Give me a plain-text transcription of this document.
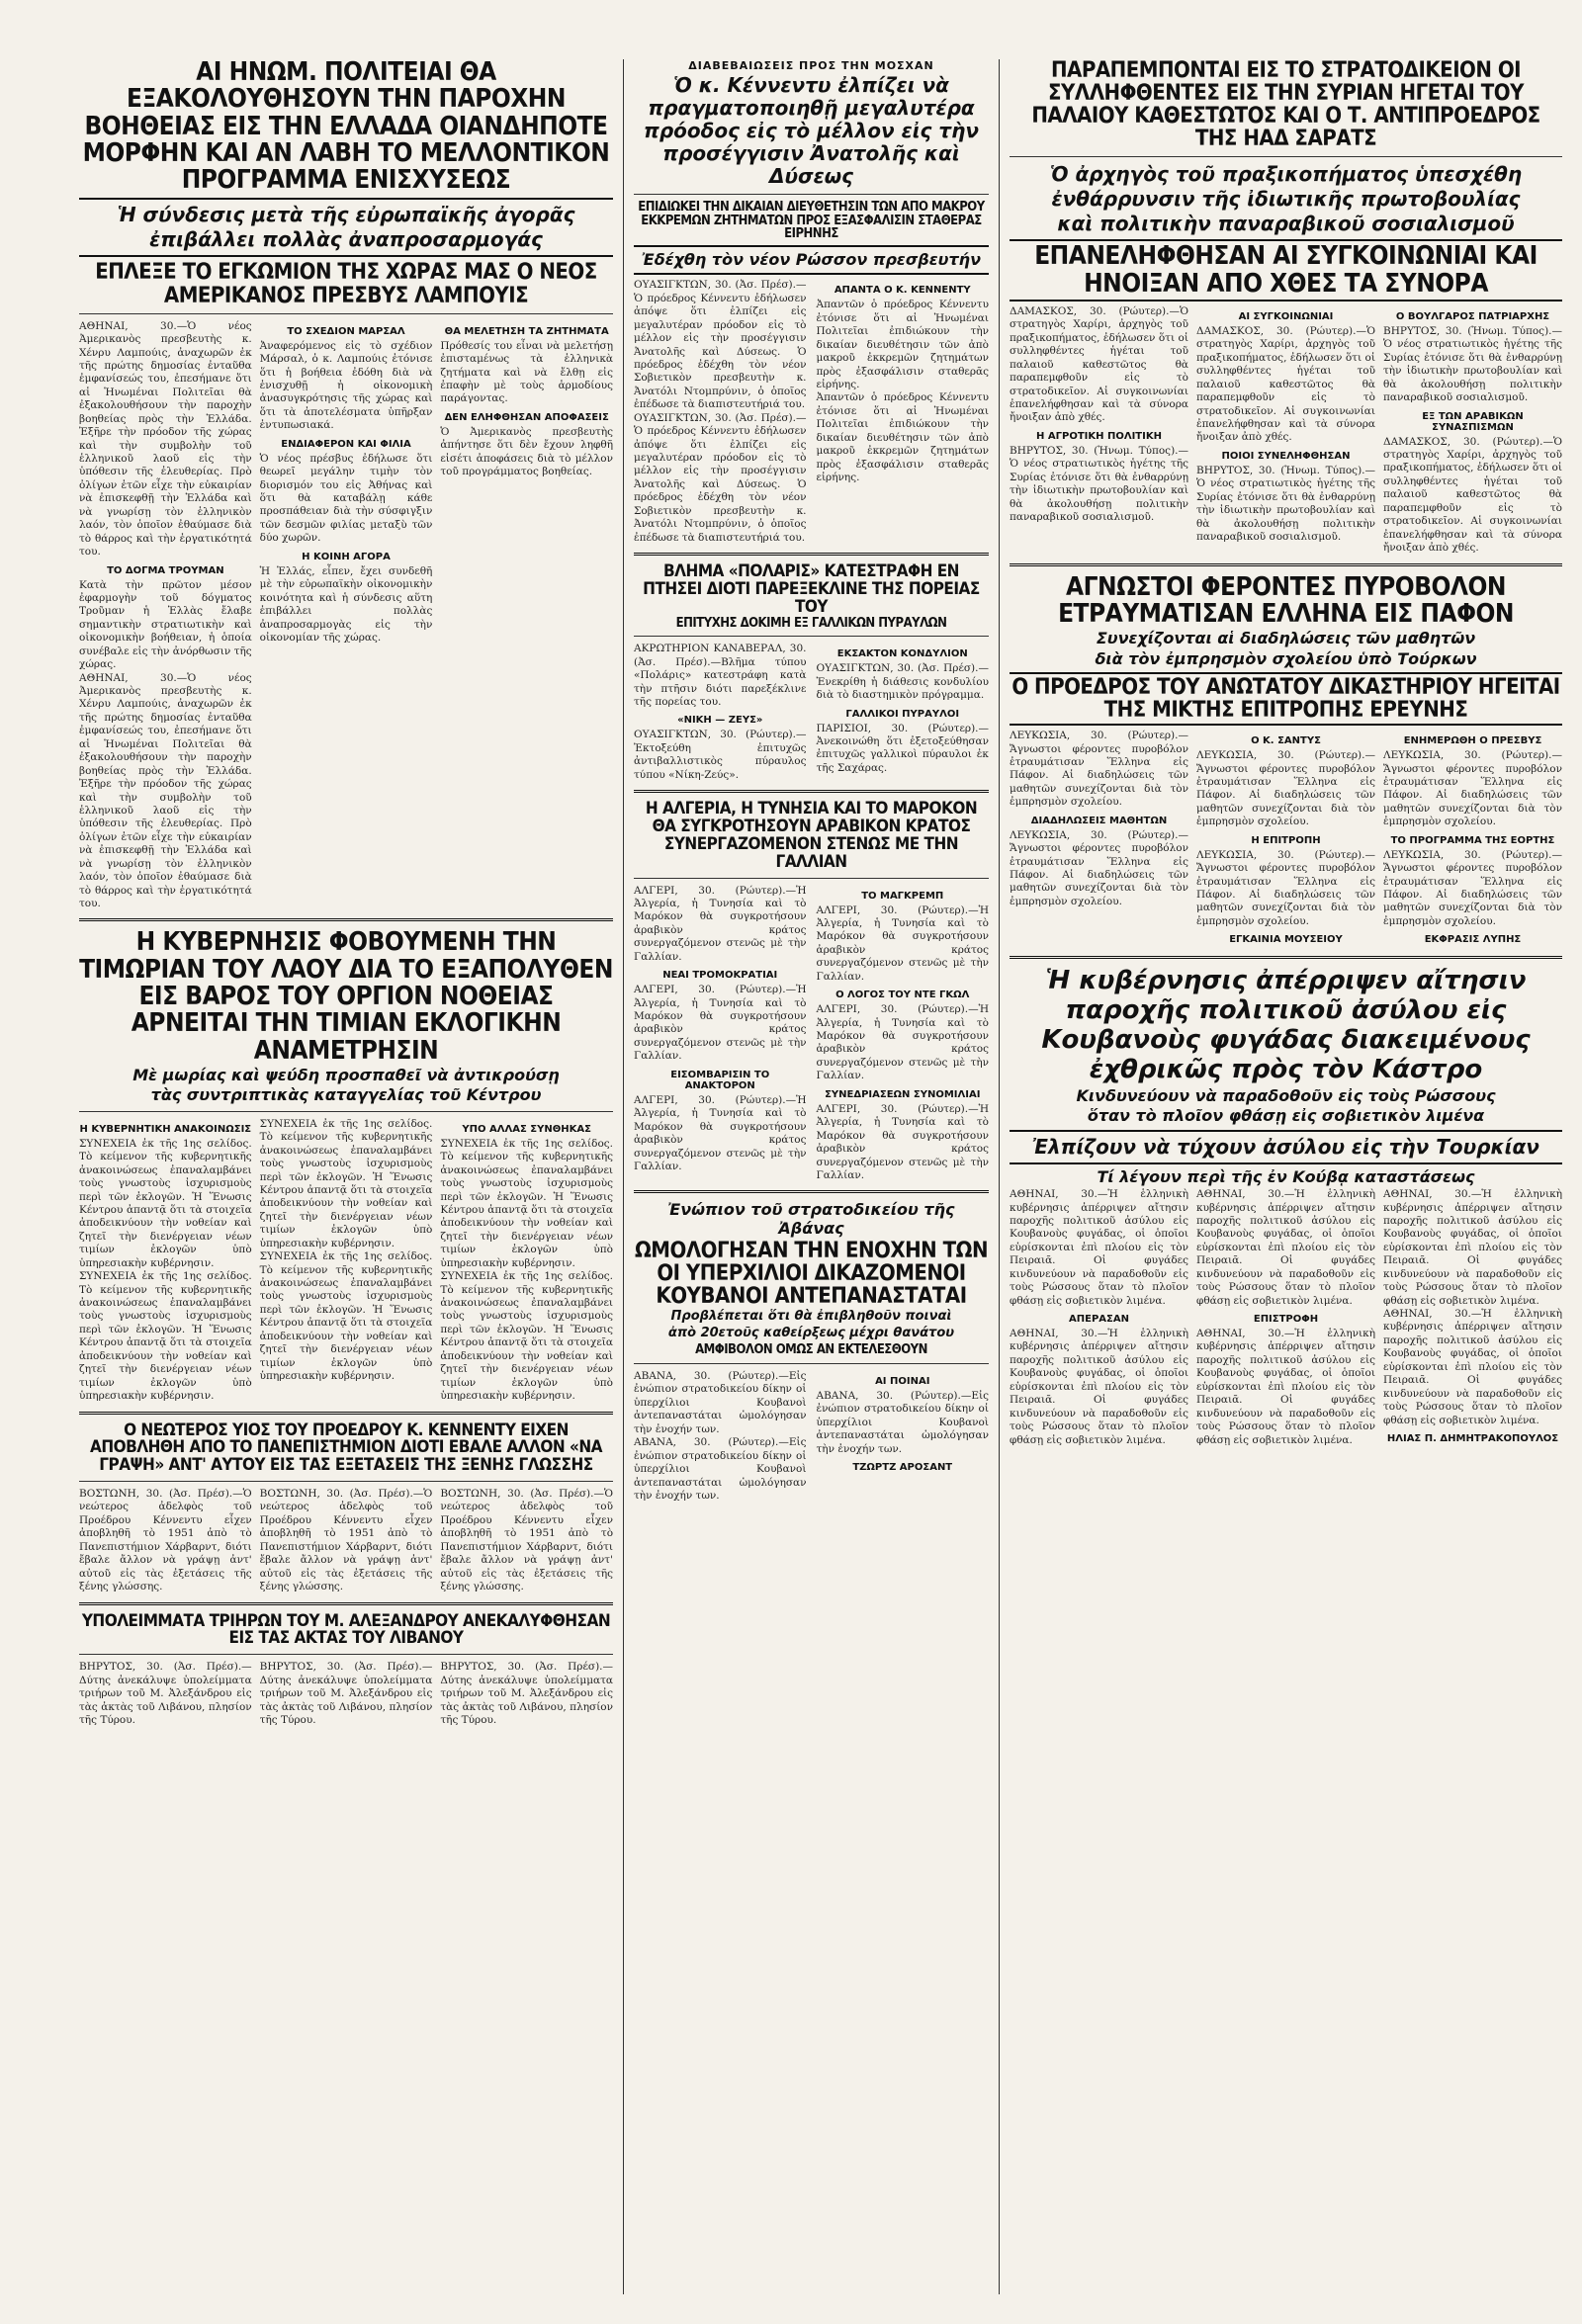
ΑΙ ΗΝΩΜ. ΠΟΛΙΤΕΙΑΙ ΘΑ ΕΞΑΚΟΛΟΥΘΗΣΟΥΝ ΤΗΝ ΠΑΡΟΧΗΝ ΒΟΗΘΕΙΑΣ ΕΙΣ ΤΗΝ ΕΛΛΑΔΑ ΟΙΑΝΔΗΠΟΤΕ ΜΟΡΦΗΝ ΚΑΙ ΑΝ ΛΑΒΗ ΤΟ ΜΕΛΛΟΝΤΙΚΟΝ ΠΡΟΓΡΑΜΜΑ ΕΝΙΣΧΥΣΕΩΣ
Ἡ σύνδεσις μετὰ τῆς εὐρωπαϊκῆς ἀγορᾶς
ἐπιβάλλει πολλὰς ἀναπροσαρμογάς
ΕΠΛΕΞΕ ΤΟ ΕΓΚΩΜΙΟΝ ΤΗΣ ΧΩΡΑΣ ΜΑΣ Ο ΝΕΟΣ ΑΜΕΡΙΚΑΝΟΣ ΠΡΕΣΒΥΣ ΛΑΜΠΟΥΙΣ

ΑΘΗΝΑΙ, 30.—Ὁ νέος Ἀμερικανὸς πρεσβευτὴς κ. Χένρυ Λαμπούις, ἀναχωρῶν ἐκ τῆς πρώτης δημοσίας ἐνταῦθα ἐμφανίσεώς του, ἐπεσήμανε ὅτι αἱ Ἡνωμέναι Πολιτεῖαι θὰ ἐξακολουθήσουν τὴν παροχὴν βοηθείας πρὸς τὴν Ἑλλάδα. Ἐξῆρε τὴν πρόοδον τῆς χώρας καὶ τὴν συμβολὴν τοῦ ἑλληνικοῦ λαοῦ εἰς τὴν ὑπόθεσιν τῆς ἐλευθερίας. Πρὸ ὀλίγων ἐτῶν εἶχε τὴν εὐκαιρίαν νὰ ἐπισκεφθῇ τὴν Ἑλλάδα καὶ νὰ γνωρίσῃ τὸν ἑλληνικὸν λαόν, τὸν ὁποῖον ἐθαύμασε διὰ τὸ θάρρος καὶ τὴν ἐργατικότητά του.

ΤΟ ΔΟΓΜΑ ΤΡΟΥΜΑΝ

Κατὰ τὴν πρῶτον μέσον ἐφαρμογὴν τοῦ δόγματος Τροῦμαν ἡ Ἑλλὰς ἔλαβε σημαντικὴν στρατιωτικὴν καὶ οἰκονομικὴν βοήθειαν, ἡ ὁποία συνέβαλε εἰς τὴν ἀνόρθωσιν τῆς χώρας.

ΑΘΗΝΑΙ, 30.—Ὁ νέος Ἀμερικανὸς πρεσβευτὴς κ. Χένρυ Λαμπούις, ἀναχωρῶν ἐκ τῆς πρώτης δημοσίας ἐνταῦθα ἐμφανίσεώς του, ἐπεσήμανε ὅτι αἱ Ἡνωμέναι Πολιτεῖαι θὰ ἐξακολουθήσουν τὴν παροχὴν βοηθείας πρὸς τὴν Ἑλλάδα. Ἐξῆρε τὴν πρόοδον τῆς χώρας καὶ τὴν συμβολὴν τοῦ ἑλληνικοῦ λαοῦ εἰς τὴν ὑπόθεσιν τῆς ἐλευθερίας. Πρὸ ὀλίγων ἐτῶν εἶχε τὴν εὐκαιρίαν νὰ ἐπισκεφθῇ τὴν Ἑλλάδα καὶ νὰ γνωρίσῃ τὸν ἑλληνικὸν λαόν, τὸν ὁποῖον ἐθαύμασε διὰ τὸ θάρρος καὶ τὴν ἐργατικότητά του.

ΤΟ ΣΧΕΔΙΟΝ ΜΑΡΣΑΛ

Ἀναφερόμενος εἰς τὸ σχέδιον Μάρσαλ, ὁ κ. Λαμπούις ἐτόνισε ὅτι ἡ βοήθεια ἐδόθη διὰ νὰ ἐνισχυθῇ ἡ οἰκονομικὴ ἀνασυγκρότησις τῆς χώρας καὶ ὅτι τὰ ἀποτελέσματα ὑπῆρξαν ἐντυπωσιακά.

ΕΝΔΙΑΦΕΡΟΝ ΚΑΙ ΦΙΛΙΑ

Ὁ νέος πρέσβυς ἐδήλωσε ὅτι θεωρεῖ μεγάλην τιμὴν τὸν διορισμόν του εἰς Ἀθήνας καὶ ὅτι θὰ καταβάλῃ κάθε προσπάθειαν διὰ τὴν σύσφιγξιν τῶν δεσμῶν φιλίας μεταξὺ τῶν δύο χωρῶν.

Η ΚΟΙΝΗ ΑΓΟΡΑ

Ἡ Ἑλλάς, εἶπεν, ἔχει συνδεθῆ μὲ τὴν εὐρωπαϊκὴν οἰκονομικὴν κοινότητα καὶ ἡ σύνδεσις αὕτη ἐπιβάλλει πολλὰς ἀναπροσαρμογὰς εἰς τὴν οἰκονομίαν τῆς χώρας.

ΘΑ ΜΕΛΕΤΗΣΗ ΤΑ ΖΗΤΗΜΑΤΑ

Πρόθεσίς του εἶναι νὰ μελετήσῃ ἐπισταμένως τὰ ἑλληνικὰ ζητήματα καὶ νὰ ἔλθῃ εἰς ἐπαφὴν μὲ τοὺς ἁρμοδίους παράγοντας.

ΔΕΝ ΕΛΗΦΘΗΣΑΝ ΑΠΟΦΑΣΕΙΣ

Ὁ Ἀμερικανὸς πρεσβευτὴς ἀπήντησε ὅτι δὲν ἔχουν ληφθῆ εἰσέτι ἀποφάσεις διὰ τὸ μέλλον τοῦ προγράμματος βοηθείας.

Η ΚΥΒΕΡΝΗΣΙΣ ΦΟΒΟΥΜΕΝΗ ΤΗΝ ΤΙΜΩΡΙΑΝ ΤΟΥ ΛΑΟΥ ΔΙΑ ΤΟ ΕΞΑΠΟΛΥΘΕΝ ΕΙΣ ΒΑΡΟΣ ΤΟΥ ΟΡΓΙΟΝ ΝΟΘΕΙΑΣ ΑΡΝΕΙΤΑΙ ΤΗΝ ΤΙΜΙΑΝ ΕΚΛΟΓΙΚΗΝ ΑΝΑΜΕΤΡΗΣΙΝ
Μὲ μωρίας καὶ ψεύδη προσπαθεῖ νὰ ἀντικρούσῃ
τὰς συντριπτικὰς καταγγελίας τοῦ Κέντρου
Η ΚΥΒΕΡΝΗΤΙΚΗ ΑΝΑΚΟΙΝΩΣΙΣ

ΣΥΝΕΧΕΙΑ ἐκ τῆς 1ης σελίδος. Τὸ κείμενον τῆς κυβερνητικῆς ἀνακοινώσεως ἐπαναλαμβάνει τοὺς γνωστοὺς ἰσχυρισμοὺς περὶ τῶν ἐκλογῶν. Ἡ Ἕνωσις Κέντρου ἀπαντᾷ ὅτι τὰ στοιχεῖα ἀποδεικνύουν τὴν νοθείαν καὶ ζητεῖ τὴν διενέργειαν νέων τιμίων ἐκλογῶν ὑπὸ ὑπηρεσιακὴν κυβέρνησιν.

ΣΥΝΕΧΕΙΑ ἐκ τῆς 1ης σελίδος. Τὸ κείμενον τῆς κυβερνητικῆς ἀνακοινώσεως ἐπαναλαμβάνει τοὺς γνωστοὺς ἰσχυρισμοὺς περὶ τῶν ἐκλογῶν. Ἡ Ἕνωσις Κέντρου ἀπαντᾷ ὅτι τὰ στοιχεῖα ἀποδεικνύουν τὴν νοθείαν καὶ ζητεῖ τὴν διενέργειαν νέων τιμίων ἐκλογῶν ὑπὸ ὑπηρεσιακὴν κυβέρνησιν.

ΣΥΝΕΧΕΙΑ ἐκ τῆς 1ης σελίδος. Τὸ κείμενον τῆς κυβερνητικῆς ἀνακοινώσεως ἐπαναλαμβάνει τοὺς γνωστοὺς ἰσχυρισμοὺς περὶ τῶν ἐκλογῶν. Ἡ Ἕνωσις Κέντρου ἀπαντᾷ ὅτι τὰ στοιχεῖα ἀποδεικνύουν τὴν νοθείαν καὶ ζητεῖ τὴν διενέργειαν νέων τιμίων ἐκλογῶν ὑπὸ ὑπηρεσιακὴν κυβέρνησιν.

ΣΥΝΕΧΕΙΑ ἐκ τῆς 1ης σελίδος. Τὸ κείμενον τῆς κυβερνητικῆς ἀνακοινώσεως ἐπαναλαμβάνει τοὺς γνωστοὺς ἰσχυρισμοὺς περὶ τῶν ἐκλογῶν. Ἡ Ἕνωσις Κέντρου ἀπαντᾷ ὅτι τὰ στοιχεῖα ἀποδεικνύουν τὴν νοθείαν καὶ ζητεῖ τὴν διενέργειαν νέων τιμίων ἐκλογῶν ὑπὸ ὑπηρεσιακὴν κυβέρνησιν.

ΥΠΟ ΑΛΛΑΣ ΣΥΝΘΗΚΑΣ

ΣΥΝΕΧΕΙΑ ἐκ τῆς 1ης σελίδος. Τὸ κείμενον τῆς κυβερνητικῆς ἀνακοινώσεως ἐπαναλαμβάνει τοὺς γνωστοὺς ἰσχυρισμοὺς περὶ τῶν ἐκλογῶν. Ἡ Ἕνωσις Κέντρου ἀπαντᾷ ὅτι τὰ στοιχεῖα ἀποδεικνύουν τὴν νοθείαν καὶ ζητεῖ τὴν διενέργειαν νέων τιμίων ἐκλογῶν ὑπὸ ὑπηρεσιακὴν κυβέρνησιν.

ΣΥΝΕΧΕΙΑ ἐκ τῆς 1ης σελίδος. Τὸ κείμενον τῆς κυβερνητικῆς ἀνακοινώσεως ἐπαναλαμβάνει τοὺς γνωστοὺς ἰσχυρισμοὺς περὶ τῶν ἐκλογῶν. Ἡ Ἕνωσις Κέντρου ἀπαντᾷ ὅτι τὰ στοιχεῖα ἀποδεικνύουν τὴν νοθείαν καὶ ζητεῖ τὴν διενέργειαν νέων τιμίων ἐκλογῶν ὑπὸ ὑπηρεσιακὴν κυβέρνησιν.

Ο ΝΕΩΤΕΡΟΣ ΥΙΟΣ ΤΟΥ ΠΡΟΕΔΡΟΥ Κ. ΚΕΝΝΕΝΤΥ ΕΙΧΕΝ ΑΠΟΒΛΗΘΗ ΑΠΟ ΤΟ ΠΑΝΕΠΙΣΤΗΜΙΟΝ ΔΙΟΤΙ ΕΒΑΛΕ ΑΛΛΟΝ «ΝΑ ΓΡΑΨΗ» ΑΝΤ' ΑΥΤΟΥ ΕΙΣ ΤΑΣ ΕΞΕΤΑΣΕΙΣ ΤΗΣ ΞΕΝΗΣ ΓΛΩΣΣΗΣ

ΒΟΣΤΩΝΗ, 30. (Ἀσ. Πρέσ).—Ὁ νεώτερος ἀδελφὸς τοῦ Προέδρου Κέννεντυ εἶχεν ἀποβληθῆ τὸ 1951 ἀπὸ τὸ Πανεπιστήμιον Χάρβαρντ, διότι ἔβαλε ἄλλον νὰ γράψῃ ἀντ' αὐτοῦ εἰς τὰς ἐξετάσεις τῆς ξένης γλώσσης.

ΒΟΣΤΩΝΗ, 30. (Ἀσ. Πρέσ).—Ὁ νεώτερος ἀδελφὸς τοῦ Προέδρου Κέννεντυ εἶχεν ἀποβληθῆ τὸ 1951 ἀπὸ τὸ Πανεπιστήμιον Χάρβαρντ, διότι ἔβαλε ἄλλον νὰ γράψῃ ἀντ' αὐτοῦ εἰς τὰς ἐξετάσεις τῆς ξένης γλώσσης.

ΒΟΣΤΩΝΗ, 30. (Ἀσ. Πρέσ).—Ὁ νεώτερος ἀδελφὸς τοῦ Προέδρου Κέννεντυ εἶχεν ἀποβληθῆ τὸ 1951 ἀπὸ τὸ Πανεπιστήμιον Χάρβαρντ, διότι ἔβαλε ἄλλον νὰ γράψῃ ἀντ' αὐτοῦ εἰς τὰς ἐξετάσεις τῆς ξένης γλώσσης.

ΥΠΟΛΕΙΜΜΑΤΑ ΤΡΙΗΡΩΝ ΤΟΥ Μ. ΑΛΕΞΑΝΔΡΟΥ ΑΝΕΚΑΛΥΦΘΗΣΑΝ ΕΙΣ ΤΑΣ ΑΚΤΑΣ ΤΟΥ ΛΙΒΑΝΟΥ

ΒΗΡΥΤΟΣ, 30. (Ἀσ. Πρέσ).—Δύτης ἀνεκάλυψε ὑπολείμματα τριήρων τοῦ Μ. Ἀλεξάνδρου εἰς τὰς ἀκτὰς τοῦ Λιβάνου, πλησίον τῆς Τύρου.

ΒΗΡΥΤΟΣ, 30. (Ἀσ. Πρέσ).—Δύτης ἀνεκάλυψε ὑπολείμματα τριήρων τοῦ Μ. Ἀλεξάνδρου εἰς τὰς ἀκτὰς τοῦ Λιβάνου, πλησίον τῆς Τύρου.

ΒΗΡΥΤΟΣ, 30. (Ἀσ. Πρέσ).—Δύτης ἀνεκάλυψε ὑπολείμματα τριήρων τοῦ Μ. Ἀλεξάνδρου εἰς τὰς ἀκτὰς τοῦ Λιβάνου, πλησίον τῆς Τύρου.

ΔΙΑΒΕΒΑΙΩΣΕΙΣ ΠΡΟΣ ΤΗΝ ΜΟΣΧΑΝ
Ὁ κ. Κέννεντυ ἐλπίζει νὰ πραγματοποιηθῇ μεγαλυτέρα πρόοδος εἰς τὸ μέλλον εἰς τὴν προσέγγισιν Ἀνατολῆς καὶ Δύσεως
ΕΠΙΔΙΩΚΕΙ ΤΗΝ ΔΙΚΑΙΑΝ ΔΙΕΥΘΕΤΗΣΙΝ ΤΩΝ ΑΠΟ ΜΑΚΡΟΥ ΕΚΚΡΕΜΩΝ ΖΗΤΗΜΑΤΩΝ ΠΡΟΣ ΕΞΑΣΦΑΛΙΣΙΝ ΣΤΑΘΕΡΑΣ ΕΙΡΗΝΗΣ
Ἐδέχθη τὸν νέον Ρώσσον πρεσβευτήν

ΟΥΑΣΙΓΚΤΩΝ, 30. (Ἀσ. Πρέσ).—Ὁ πρόεδρος Κέννεντυ ἐδήλωσεν ἀπόψε ὅτι ἐλπίζει εἰς μεγαλυτέραν πρόοδον εἰς τὸ μέλλον εἰς τὴν προσέγγισιν Ἀνατολῆς καὶ Δύσεως. Ὁ πρόεδρος ἐδέχθη τὸν νέον Σοβιετικὸν πρεσβευτὴν κ. Ἀνατόλι Ντομπρύνιν, ὁ ὁποῖος ἐπέδωσε τὰ διαπιστευτήριά του.

ΟΥΑΣΙΓΚΤΩΝ, 30. (Ἀσ. Πρέσ).—Ὁ πρόεδρος Κέννεντυ ἐδήλωσεν ἀπόψε ὅτι ἐλπίζει εἰς μεγαλυτέραν πρόοδον εἰς τὸ μέλλον εἰς τὴν προσέγγισιν Ἀνατολῆς καὶ Δύσεως. Ὁ πρόεδρος ἐδέχθη τὸν νέον Σοβιετικὸν πρεσβευτὴν κ. Ἀνατόλι Ντομπρύνιν, ὁ ὁποῖος ἐπέδωσε τὰ διαπιστευτήριά του.

ΑΠΑΝΤΑ Ο Κ. ΚΕΝΝΕΝΤΥ

Ἀπαντῶν ὁ πρόεδρος Κέννεντυ ἐτόνισε ὅτι αἱ Ἡνωμέναι Πολιτεῖαι ἐπιδιώκουν τὴν δικαίαν διευθέτησιν τῶν ἀπὸ μακροῦ ἐκκρεμῶν ζητημάτων πρὸς ἐξασφάλισιν σταθερᾶς εἰρήνης.

Ἀπαντῶν ὁ πρόεδρος Κέννεντυ ἐτόνισε ὅτι αἱ Ἡνωμέναι Πολιτεῖαι ἐπιδιώκουν τὴν δικαίαν διευθέτησιν τῶν ἀπὸ μακροῦ ἐκκρεμῶν ζητημάτων πρὸς ἐξασφάλισιν σταθερᾶς εἰρήνης.

ΒΛΗΜΑ «ΠΟΛΑΡΙΣ» ΚΑΤΕΣΤΡΑΦΗ ΕΝ ΠΤΗΣΕΙ ΔΙΟΤΙ ΠΑΡΕΞΕΚΛΙΝΕ ΤΗΣ ΠΟΡΕΙΑΣ ΤΟΥ
ΕΠΙΤΥΧΗΣ ΔΟΚΙΜΗ ΕΞ ΓΑΛΛΙΚΩΝ ΠΥΡΑΥΛΩΝ

ΑΚΡΩΤΗΡΙΟΝ ΚΑΝΑΒΕΡΑΛ, 30. (Ἀσ. Πρέσ).—Βλῆμα τύπου «Πολάρις» κατεστράφη κατὰ τὴν πτῆσιν διότι παρεξέκλινε τῆς πορείας του.

«ΝΙΚΗ — ΖΕΥΣ»

ΟΥΑΣΙΓΚΤΩΝ, 30. (Ρώυτερ).—Ἐκτοξεύθη ἐπιτυχῶς ἀντιβαλλιστικὸς πύραυλος τύπου «Νίκη-Ζεύς».

ΕΚΣΑΚΤΟΝ ΚΟΝΔΥΛΙΟΝ

ΟΥΑΣΙΓΚΤΩΝ, 30. (Ἀσ. Πρέσ).—Ἐνεκρίθη ἡ διάθεσις κονδυλίου διὰ τὸ διαστημικὸν πρόγραμμα.

ΓΑΛΛΙΚΟΙ ΠΥΡΑΥΛΟΙ

ΠΑΡΙΣΙΟΙ, 30. (Ρώυτερ).—Ἀνεκοινώθη ὅτι ἐξετοξεύθησαν ἐπιτυχῶς γαλλικοὶ πύραυλοι ἐκ τῆς Σαχάρας.

Η ΑΛΓΕΡΙΑ, Η ΤΥΝΗΣΙΑ ΚΑΙ ΤΟ ΜΑΡΟΚΟΝ ΘΑ ΣΥΓΚΡΟΤΗΣΟΥΝ ΑΡΑΒΙΚΟΝ ΚΡΑΤΟΣ ΣΥΝΕΡΓΑΖΟΜΕΝΟΝ ΣΤΕΝΩΣ ΜΕ ΤΗΝ ΓΑΛΛΙΑΝ

ΑΛΓΕΡΙ, 30. (Ρώυτερ).—Ἡ Ἀλγερία, ἡ Τυνησία καὶ τὸ Μαρόκον θὰ συγκροτήσουν ἀραβικὸν κράτος συνεργαζόμενον στενῶς μὲ τὴν Γαλλίαν.

ΝΕΑΙ ΤΡΟΜΟΚΡΑΤΙΑΙ

ΑΛΓΕΡΙ, 30. (Ρώυτερ).—Ἡ Ἀλγερία, ἡ Τυνησία καὶ τὸ Μαρόκον θὰ συγκροτήσουν ἀραβικὸν κράτος συνεργαζόμενον στενῶς μὲ τὴν Γαλλίαν.

ΕΙΣΟΜΒΑΡΙΣΙΝ ΤΟ ΑΝΑΚΤΟΡΟΝ

ΑΛΓΕΡΙ, 30. (Ρώυτερ).—Ἡ Ἀλγερία, ἡ Τυνησία καὶ τὸ Μαρόκον θὰ συγκροτήσουν ἀραβικὸν κράτος συνεργαζόμενον στενῶς μὲ τὴν Γαλλίαν.

ΤΟ ΜΑΓΚΡΕΜΠ

ΑΛΓΕΡΙ, 30. (Ρώυτερ).—Ἡ Ἀλγερία, ἡ Τυνησία καὶ τὸ Μαρόκον θὰ συγκροτήσουν ἀραβικὸν κράτος συνεργαζόμενον στενῶς μὲ τὴν Γαλλίαν.

Ο ΛΟΓΟΣ ΤΟΥ ΝΤΕ ΓΚΩΛ

ΑΛΓΕΡΙ, 30. (Ρώυτερ).—Ἡ Ἀλγερία, ἡ Τυνησία καὶ τὸ Μαρόκον θὰ συγκροτήσουν ἀραβικὸν κράτος συνεργαζόμενον στενῶς μὲ τὴν Γαλλίαν.

ΣΥΝΕΔΡΙΑΣΕΩΝ ΣΥΝΟΜΙΛΙΑΙ

ΑΛΓΕΡΙ, 30. (Ρώυτερ).—Ἡ Ἀλγερία, ἡ Τυνησία καὶ τὸ Μαρόκον θὰ συγκροτήσουν ἀραβικὸν κράτος συνεργαζόμενον στενῶς μὲ τὴν Γαλλίαν.

Ἐνώπιον τοῦ στρατοδικείου τῆς Ἀβάνας
ΩΜΟΛΟΓΗΣΑΝ ΤΗΝ ΕΝΟΧΗΝ ΤΩΝ ΟΙ ΥΠΕΡΧΙΛΙΟΙ ΔΙΚΑΖΟΜΕΝΟΙ ΚΟΥΒΑΝΟΙ ΑΝΤΕΠΑΝΑΣΤΑΤΑΙ
Προβλέπεται ὅτι θὰ ἐπιβληθοῦν ποιναὶ
ἀπὸ 20ετοῦς καθείρξεως μέχρι θανάτου
ΑΜΦΙΒΟΛΟΝ ΟΜΩΣ ΑΝ ΕΚΤΕΛΕΣΘΟΥΝ

ΑΒΑΝΑ, 30. (Ρώυτερ).—Εἰς ἐνώπιον στρατοδικείου δίκην οἱ ὑπερχίλιοι Κουβανοὶ ἀντεπαναστάται ὡμολόγησαν τὴν ἐνοχήν των.

ΑΒΑΝΑ, 30. (Ρώυτερ).—Εἰς ἐνώπιον στρατοδικείου δίκην οἱ ὑπερχίλιοι Κουβανοὶ ἀντεπαναστάται ὡμολόγησαν τὴν ἐνοχήν των.

ΑΙ ΠΟΙΝΑΙ

ΑΒΑΝΑ, 30. (Ρώυτερ).—Εἰς ἐνώπιον στρατοδικείου δίκην οἱ ὑπερχίλιοι Κουβανοὶ ἀντεπαναστάται ὡμολόγησαν τὴν ἐνοχήν των.

ΤΖΩΡΤΖ ΑΡΟΣΑΝΤ
ΠΑΡΑΠΕΜΠΟΝΤΑΙ ΕΙΣ ΤΟ ΣΤΡΑΤΟΔΙΚΕΙΟΝ ΟΙ ΣΥΛΛΗΦΘΕΝΤΕΣ ΕΙΣ ΤΗΝ ΣΥΡΙΑΝ ΗΓΕΤΑΙ ΤΟΥ ΠΑΛΑΙΟΥ ΚΑΘΕΣΤΩΤΟΣ ΚΑΙ Ο Τ. ΑΝΤΙΠΡΟΕΔΡΟΣ ΤΗΣ ΗΑΔ ΣΑΡΑΤΣ
Ὁ ἀρχηγὸς τοῦ πραξικοπήματος ὑπεσχέθη
ἐνθάρρυνσιν τῆς ἰδιωτικῆς πρωτοβουλίας
καὶ πολιτικὴν παναραβικοῦ σοσιαλισμοῦ
ΕΠΑΝΕΛΗΦΘΗΣΑΝ ΑΙ ΣΥΓΚΟΙΝΩΝΙΑΙ ΚΑΙ ΗΝΟΙΞΑΝ ΑΠΟ ΧΘΕΣ ΤΑ ΣΥΝΟΡΑ

ΔΑΜΑΣΚΟΣ, 30. (Ρώυτερ).—Ὁ στρατηγὸς Χαρίρι, ἀρχηγὸς τοῦ πραξικοπήματος, ἐδήλωσεν ὅτι οἱ συλληφθέντες ἡγέται τοῦ παλαιοῦ καθεστῶτος θὰ παραπεμφθοῦν εἰς τὸ στρατοδικεῖον. Αἱ συγκοινωνίαι ἐπανελήφθησαν καὶ τὰ σύνορα ἤνοιξαν ἀπὸ χθές.

Η ΑΓΡΟΤΙΚΗ ΠΟΛΙΤΙΚΗ

ΒΗΡΥΤΟΣ, 30. (Ἡνωμ. Τύπος).—Ὁ νέος στρατιωτικὸς ἡγέτης τῆς Συρίας ἐτόνισε ὅτι θὰ ἐνθαρρύνῃ τὴν ἰδιωτικὴν πρωτοβουλίαν καὶ θὰ ἀκολουθήσῃ πολιτικὴν παναραβικοῦ σοσιαλισμοῦ.

ΑΙ ΣΥΓΚΟΙΝΩΝΙΑΙ

ΔΑΜΑΣΚΟΣ, 30. (Ρώυτερ).—Ὁ στρατηγὸς Χαρίρι, ἀρχηγὸς τοῦ πραξικοπήματος, ἐδήλωσεν ὅτι οἱ συλληφθέντες ἡγέται τοῦ παλαιοῦ καθεστῶτος θὰ παραπεμφθοῦν εἰς τὸ στρατοδικεῖον. Αἱ συγκοινωνίαι ἐπανελήφθησαν καὶ τὰ σύνορα ἤνοιξαν ἀπὸ χθές.

ΠΟΙΟΙ ΣΥΝΕΛΗΦΘΗΣΑΝ

ΒΗΡΥΤΟΣ, 30. (Ἡνωμ. Τύπος).—Ὁ νέος στρατιωτικὸς ἡγέτης τῆς Συρίας ἐτόνισε ὅτι θὰ ἐνθαρρύνῃ τὴν ἰδιωτικὴν πρωτοβουλίαν καὶ θὰ ἀκολουθήσῃ πολιτικὴν παναραβικοῦ σοσιαλισμοῦ.

Ο ΒΟΥΛΓΑΡΟΣ ΠΑΤΡΙΑΡΧΗΣ

ΒΗΡΥΤΟΣ, 30. (Ἡνωμ. Τύπος).—Ὁ νέος στρατιωτικὸς ἡγέτης τῆς Συρίας ἐτόνισε ὅτι θὰ ἐνθαρρύνῃ τὴν ἰδιωτικὴν πρωτοβουλίαν καὶ θὰ ἀκολουθήσῃ πολιτικὴν παναραβικοῦ σοσιαλισμοῦ.

ΕΞ ΤΩΝ ΑΡΑΒΙΚΩΝ ΣΥΝΑΣΠΙΣΜΩΝ

ΔΑΜΑΣΚΟΣ, 30. (Ρώυτερ).—Ὁ στρατηγὸς Χαρίρι, ἀρχηγὸς τοῦ πραξικοπήματος, ἐδήλωσεν ὅτι οἱ συλληφθέντες ἡγέται τοῦ παλαιοῦ καθεστῶτος θὰ παραπεμφθοῦν εἰς τὸ στρατοδικεῖον. Αἱ συγκοινωνίαι ἐπανελήφθησαν καὶ τὰ σύνορα ἤνοιξαν ἀπὸ χθές.

ΑΓΝΩΣΤΟΙ ΦΕΡΟΝΤΕΣ ΠΥΡΟΒΟΛΟΝ ΕΤΡΑΥΜΑΤΙΣΑΝ ΕΛΛΗΝΑ ΕΙΣ ΠΑΦΟΝ
Συνεχίζονται αἱ διαδηλώσεις τῶν μαθητῶν
διὰ τὸν ἐμπρησμὸν σχολείου ὑπὸ Τούρκων
Ο ΠΡΟΕΔΡΟΣ ΤΟΥ ΑΝΩΤΑΤΟΥ ΔΙΚΑΣΤΗΡΙΟΥ ΗΓΕΙΤΑΙ ΤΗΣ ΜΙΚΤΗΣ ΕΠΙΤΡΟΠΗΣ ΕΡΕΥΝΗΣ

ΛΕΥΚΩΣΙΑ, 30. (Ρώυτερ).—Ἄγνωστοι φέροντες πυροβόλον ἐτραυμάτισαν Ἕλληνα εἰς Πάφον. Αἱ διαδηλώσεις τῶν μαθητῶν συνεχίζονται διὰ τὸν ἐμπρησμὸν σχολείου.

ΔΙΑΔΗΛΩΣΕΙΣ ΜΑΘΗΤΩΝ

ΛΕΥΚΩΣΙΑ, 30. (Ρώυτερ).—Ἄγνωστοι φέροντες πυροβόλον ἐτραυμάτισαν Ἕλληνα εἰς Πάφον. Αἱ διαδηλώσεις τῶν μαθητῶν συνεχίζονται διὰ τὸν ἐμπρησμὸν σχολείου.

Ο Κ. ΣΑΝΤΥΣ

ΛΕΥΚΩΣΙΑ, 30. (Ρώυτερ).—Ἄγνωστοι φέροντες πυροβόλον ἐτραυμάτισαν Ἕλληνα εἰς Πάφον. Αἱ διαδηλώσεις τῶν μαθητῶν συνεχίζονται διὰ τὸν ἐμπρησμὸν σχολείου.

Η ΕΠΙΤΡΟΠΗ

ΛΕΥΚΩΣΙΑ, 30. (Ρώυτερ).—Ἄγνωστοι φέροντες πυροβόλον ἐτραυμάτισαν Ἕλληνα εἰς Πάφον. Αἱ διαδηλώσεις τῶν μαθητῶν συνεχίζονται διὰ τὸν ἐμπρησμὸν σχολείου.

ΕΓΚΑΙΝΙΑ ΜΟΥΣΕΙΟΥ
ΕΝΗΜΕΡΩΘΗ Ο ΠΡΕΣΒΥΣ

ΛΕΥΚΩΣΙΑ, 30. (Ρώυτερ).—Ἄγνωστοι φέροντες πυροβόλον ἐτραυμάτισαν Ἕλληνα εἰς Πάφον. Αἱ διαδηλώσεις τῶν μαθητῶν συνεχίζονται διὰ τὸν ἐμπρησμὸν σχολείου.

ΤΟ ΠΡΟΓΡΑΜΜΑ ΤΗΣ ΕΟΡΤΗΣ

ΛΕΥΚΩΣΙΑ, 30. (Ρώυτερ).—Ἄγνωστοι φέροντες πυροβόλον ἐτραυμάτισαν Ἕλληνα εἰς Πάφον. Αἱ διαδηλώσεις τῶν μαθητῶν συνεχίζονται διὰ τὸν ἐμπρησμὸν σχολείου.

ΕΚΦΡΑΣΙΣ ΛΥΠΗΣ
Ἡ κυβέρνησις ἀπέρριψεν αἴτησιν παροχῆς πολιτικοῦ ἀσύλου εἰς Κουβανοὺς φυγάδας διακειμένους ἐχθρικῶς πρὸς τὸν Κάστρο
Κινδυνεύουν νὰ παραδοθοῦν εἰς τοὺς Ρώσσους
ὅταν τὸ πλοῖον φθάσῃ εἰς σοβιετικὸν λιμένα
Ἐλπίζουν νὰ τύχουν ἀσύλου εἰς τὴν Τουρκίαν
Τί λέγουν περὶ τῆς ἐν Κούβᾳ καταστάσεως

ΑΘΗΝΑΙ, 30.—Ἡ ἑλληνικὴ κυβέρνησις ἀπέρριψεν αἴτησιν παροχῆς πολιτικοῦ ἀσύλου εἰς Κουβανοὺς φυγάδας, οἱ ὁποῖοι εὑρίσκονται ἐπὶ πλοίου εἰς τὸν Πειραιᾶ. Οἱ φυγάδες κινδυνεύουν νὰ παραδοθοῦν εἰς τοὺς Ρώσσους ὅταν τὸ πλοῖον φθάσῃ εἰς σοβιετικὸν λιμένα.

ΑΠΕΡΑΣΑΝ

ΑΘΗΝΑΙ, 30.—Ἡ ἑλληνικὴ κυβέρνησις ἀπέρριψεν αἴτησιν παροχῆς πολιτικοῦ ἀσύλου εἰς Κουβανοὺς φυγάδας, οἱ ὁποῖοι εὑρίσκονται ἐπὶ πλοίου εἰς τὸν Πειραιᾶ. Οἱ φυγάδες κινδυνεύουν νὰ παραδοθοῦν εἰς τοὺς Ρώσσους ὅταν τὸ πλοῖον φθάσῃ εἰς σοβιετικὸν λιμένα.

ΑΘΗΝΑΙ, 30.—Ἡ ἑλληνικὴ κυβέρνησις ἀπέρριψεν αἴτησιν παροχῆς πολιτικοῦ ἀσύλου εἰς Κουβανοὺς φυγάδας, οἱ ὁποῖοι εὑρίσκονται ἐπὶ πλοίου εἰς τὸν Πειραιᾶ. Οἱ φυγάδες κινδυνεύουν νὰ παραδοθοῦν εἰς τοὺς Ρώσσους ὅταν τὸ πλοῖον φθάσῃ εἰς σοβιετικὸν λιμένα.

ΕΠΙΣΤΡΟΦΗ

ΑΘΗΝΑΙ, 30.—Ἡ ἑλληνικὴ κυβέρνησις ἀπέρριψεν αἴτησιν παροχῆς πολιτικοῦ ἀσύλου εἰς Κουβανοὺς φυγάδας, οἱ ὁποῖοι εὑρίσκονται ἐπὶ πλοίου εἰς τὸν Πειραιᾶ. Οἱ φυγάδες κινδυνεύουν νὰ παραδοθοῦν εἰς τοὺς Ρώσσους ὅταν τὸ πλοῖον φθάσῃ εἰς σοβιετικὸν λιμένα.

ΑΘΗΝΑΙ, 30.—Ἡ ἑλληνικὴ κυβέρνησις ἀπέρριψεν αἴτησιν παροχῆς πολιτικοῦ ἀσύλου εἰς Κουβανοὺς φυγάδας, οἱ ὁποῖοι εὑρίσκονται ἐπὶ πλοίου εἰς τὸν Πειραιᾶ. Οἱ φυγάδες κινδυνεύουν νὰ παραδοθοῦν εἰς τοὺς Ρώσσους ὅταν τὸ πλοῖον φθάσῃ εἰς σοβιετικὸν λιμένα.

ΑΘΗΝΑΙ, 30.—Ἡ ἑλληνικὴ κυβέρνησις ἀπέρριψεν αἴτησιν παροχῆς πολιτικοῦ ἀσύλου εἰς Κουβανοὺς φυγάδας, οἱ ὁποῖοι εὑρίσκονται ἐπὶ πλοίου εἰς τὸν Πειραιᾶ. Οἱ φυγάδες κινδυνεύουν νὰ παραδοθοῦν εἰς τοὺς Ρώσσους ὅταν τὸ πλοῖον φθάσῃ εἰς σοβιετικὸν λιμένα.

ΗΛΙΑΣ Π. ΔΗΜΗΤΡΑΚΟΠΟΥΛΟΣ
